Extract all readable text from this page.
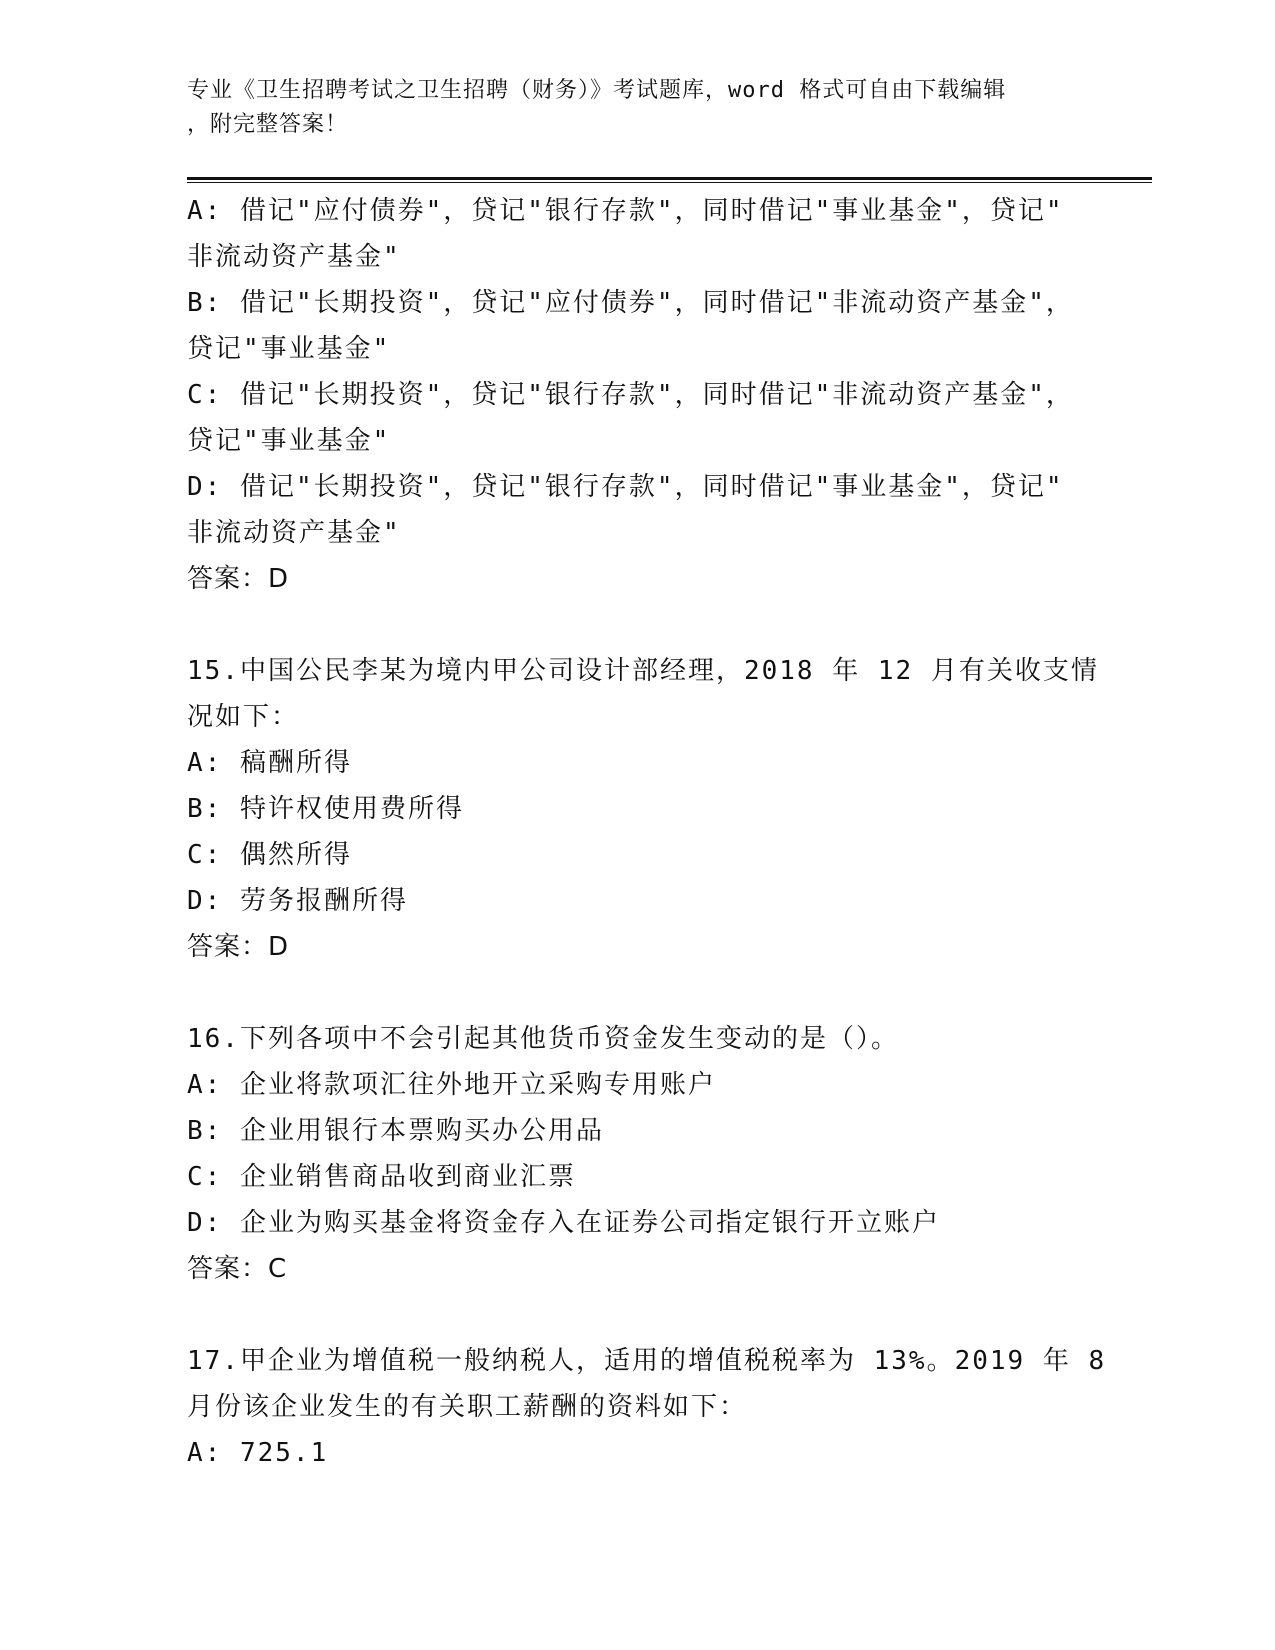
专业《卫生招聘考试之卫生招聘（财务）》考试题库，word 格式可自由下载编辑
，附完整答案！
A: 借记"应付债券"，贷记"银行存款"，同时借记"事业基金"，贷记"
非流动资产基金"
B: 借记"长期投资"，贷记"应付债券"，同时借记"非流动资产基金"，
贷记"事业基金"
C: 借记"长期投资"，贷记"银行存款"，同时借记"非流动资产基金"，
贷记"事业基金"
D: 借记"长期投资"，贷记"银行存款"，同时借记"事业基金"，贷记"
非流动资产基金"
答案：D
15.中国公民李某为境内甲公司设计部经理，2018 年 12 月有关收支情
况如下：
A: 稿酬所得
B: 特许权使用费所得
C: 偶然所得
D: 劳务报酬所得
答案：D
16.下列各项中不会引起其他货币资金发生变动的是（）。
A: 企业将款项汇往外地开立采购专用账户
B: 企业用银行本票购买办公用品
C: 企业销售商品收到商业汇票
D: 企业为购买基金将资金存入在证券公司指定银行开立账户
答案：C
17.甲企业为增值税一般纳税人，适用的增值税税率为 13%。2019 年 8
月份该企业发生的有关职工薪酬的资料如下：
A: 725.1
